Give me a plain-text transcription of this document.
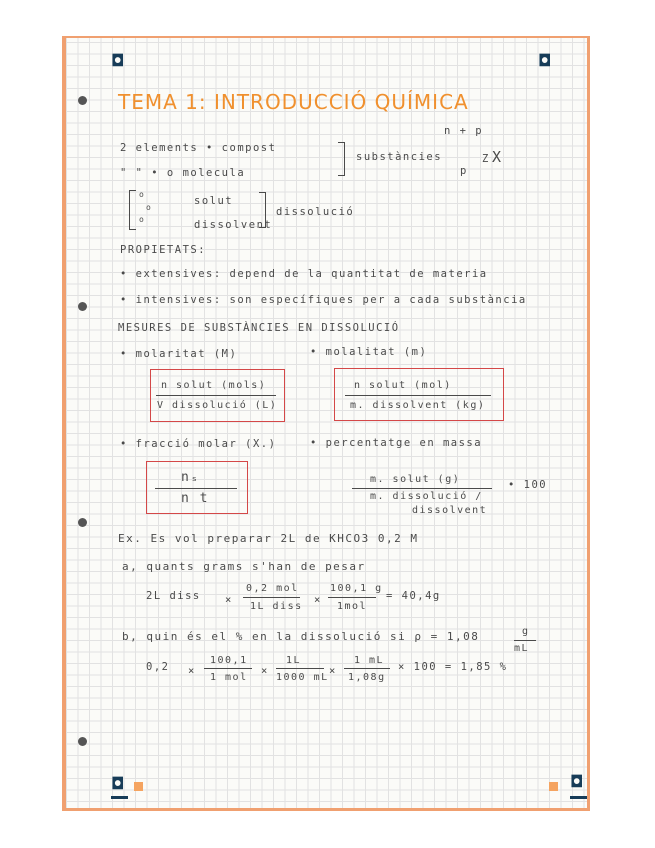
◘	◘
◘	◘
TEMA 1: INTRODUCCIÓ QUÍMICA
2 elements • compost
" " • o molecula
substàncies
n + p
X
Z
p
o
o
o
solut
dissolvent
dissolució
PROPIETATS:
• extensives: depend de la quantitat de materia
• intensives: son específiques per a cada substància
MESURES DE SUBSTÀNCIES EN DISSOLUCIÓ
• molaritat (M)	• molalitat (m)
n solut (mols)
V dissolució (L)
n solut (mol)
m. dissolvent (kg)
• fracció molar (X.)	• percentatge en massa
nₛ
n t
m. solut (g)
m. dissolució /
dissolvent
• 100
Ex. Es vol preparar 2L de KHCO3 0,2 M
a, quants grams s'han de pesar
2L diss ×
0,2 mol
1L diss
×
100,1 g
1mol
= 40,4g
b, quin és el % en la dissolució si ρ = 1,08	g
mL
0,2 ×
100,1
1 mol
×
1L
1000 mL
×
1 mL
1,08g
× 100 = 1,85 %
